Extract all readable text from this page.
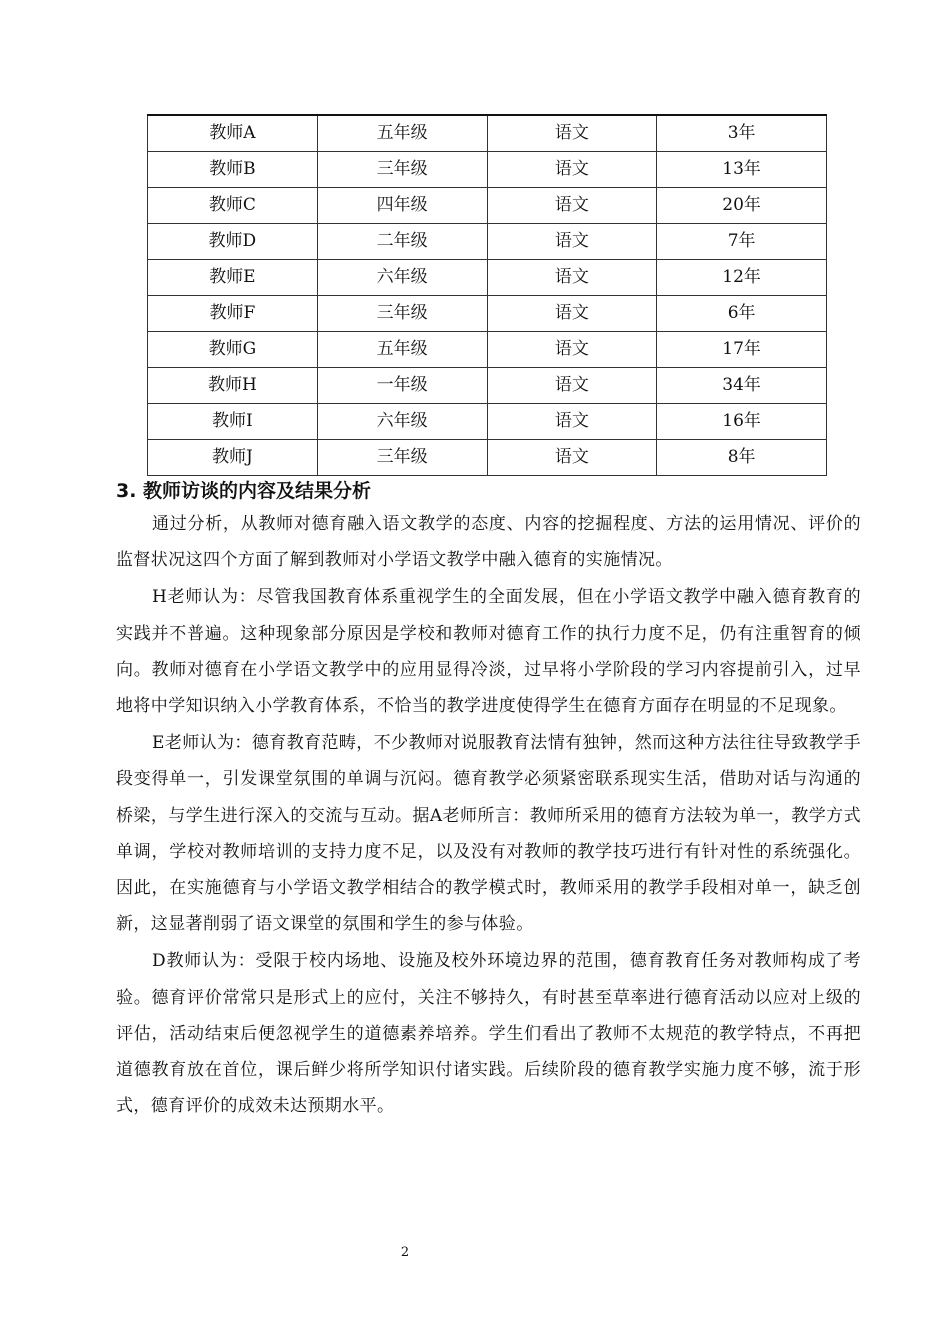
教师A	五年级	语文	3年
教师B	三年级	语文	13年
教师C	四年级	语文	20年
教师D	二年级	语文	7年
教师E	六年级	语文	12年
教师F	三年级	语文	6年
教师G	五年级	语文	17年
教师H	一年级	语文	34年
教师I	六年级	语文	16年
教师J	三年级	语文	8年
3. 教师访谈的内容及结果分析

通过分析，从教师对德育融入语文教学的态度、内容的挖掘程度、方法的运用情况、评价的监督状况这四个方面了解到教师对小学语文教学中融入德育的实施情况。

H老师认为：尽管我国教育体系重视学生的全面发展，但在小学语文教学中融入德育教育的实践并不普遍。这种现象部分原因是学校和教师对德育工作的执行力度不足，仍有注重智育的倾向。教师对德育在小学语文教学中的应用显得冷淡，过早将小学阶段的学习内容提前引入，过早地将中学知识纳入小学教育体系，不恰当的教学进度使得学生在德育方面存在明显的不足现象。

E老师认为：德育教育范畴，不少教师对说服教育法情有独钟，然而这种方法往往导致教学手段变得单一，引发课堂氛围的单调与沉闷。德育教学必须紧密联系现实生活，借助对话与沟通的桥梁，与学生进行深入的交流与互动。据A老师所言：教师所采用的德育方法较为单一，教学方式单调，学校对教师培训的支持力度不足，以及没有对教师的教学技巧进行有针对性的系统强化。因此，在实施德育与小学语文教学相结合的教学模式时，教师采用的教学手段相对单一，缺乏创新，这显著削弱了语文课堂的氛围和学生的参与体验。

D教师认为：受限于校内场地、设施及校外环境边界的范围，德育教育任务对教师构成了考验。德育评价常常只是形式上的应付，关注不够持久，有时甚至草率进行德育活动以应对上级的评估，活动结束后便忽视学生的道德素养培养。学生们看出了教师不太规范的教学特点，不再把道德教育放在首位，课后鲜少将所学知识付诸实践。后续阶段的德育教学实施力度不够，流于形式，德育评价的成效未达预期水平。

2
